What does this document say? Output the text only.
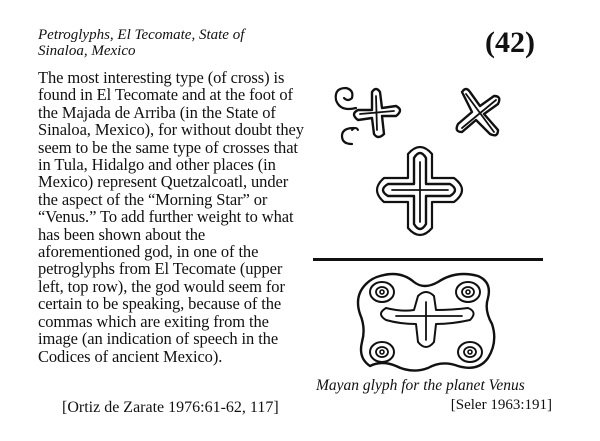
Petroglyphs, El Tecomate, State of Sinaloa, Mexico	(42)

The most interesting type (of cross) is found in El Tecomate and at the foot of the Majada de Arriba (in the State of Sinaloa, Mexico), for without doubt they seem to be the same type of crosses that in Tula, Hidalgo and other places (in Mexico) represent Quetzalcoatl, under the aspect of the “Morning Star” or “Venus.” To add further weight to what has been shown about the aforementioned god, in one of the petroglyphs from El Tecomate (upper left, top row), the god would seem for certain to be speaking, because of the commas which are exiting from the image (an indication of speech in the Codices of ancient Mexico).

[Ortiz de Zarate 1976:61-62, 117]
Mayan glyph for the planet Venus
[Seler 1963:191]
